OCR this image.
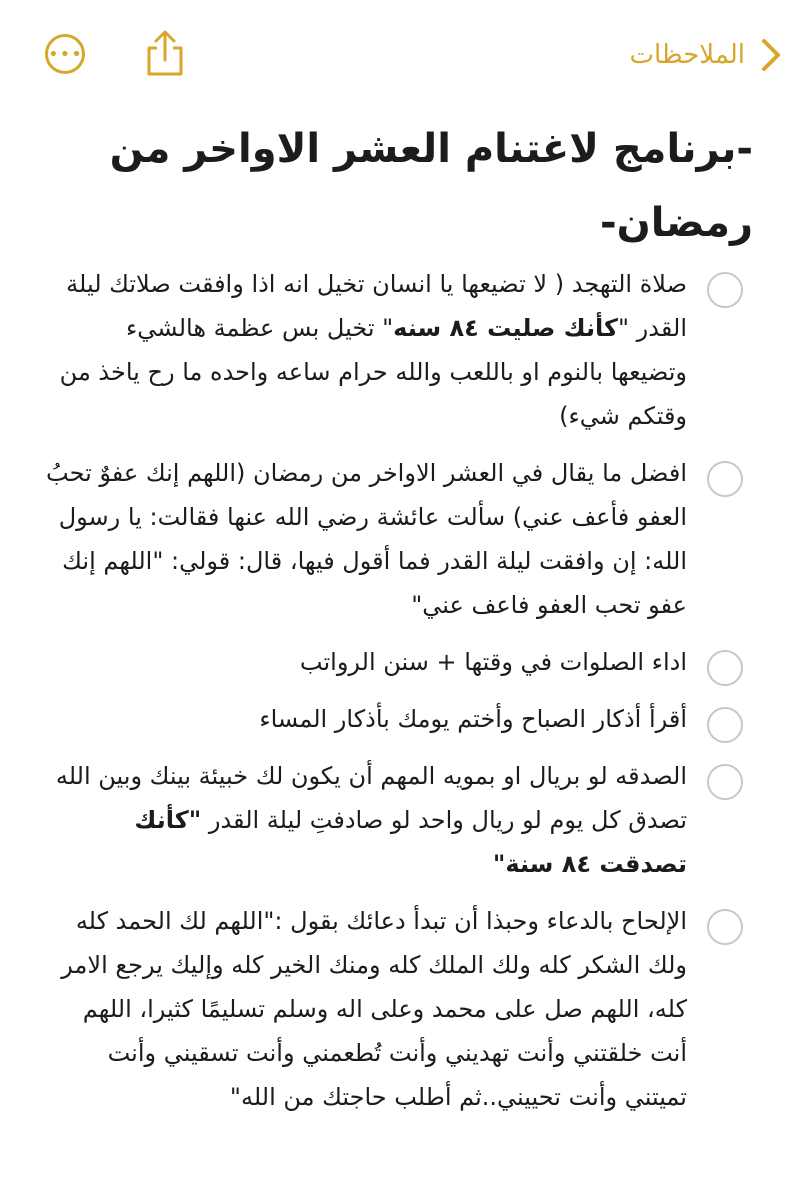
•••	الملاحظات
-برنامج لاغتنام العشر الاواخر من رمضان-
صلاة التهجد ( لا تضيعها يا انسان تخيل انه اذا وافقت صلاتك ليلة القدر "كأنك صليت ٨٤ سنه" تخيل بس عظمة هالشيء وتضيعها بالنوم او باللعب والله حرام ساعه واحده ما رح ياخذ من وقتكم شيء)
افضل ما يقال في العشر الاواخر من رمضان (اللهم إنك عفوٌ تحبُ العفو فأعف عني) سألت عائشة رضي الله عنها فقالت: يا رسول الله: إن وافقت ليلة القدر فما أقول فيها، قال: قولي: "اللهم إنك عفو تحب العفو فاعف عني"
اداء الصلوات في وقتها + سنن الرواتب
أقرأ أذكار الصباح وأختم يومك بأذكار المساء
الصدقه لو بريال او بمويه المهم أن يكون لك خبيئة بينك وبين الله تصدق كل يوم لو ريال واحد لو صادفتِ ليلة القدر "كأنك تصدقت ٨٤ سنة"
الإلحاح بالدعاء وحبذا أن تبدأ دعائك بقول :"اللهم لك الحمد كله ولك الشكر كله ولك الملك كله ومنك الخير كله وإليك يرجع الامر كله، اللهم صل على محمد وعلى اله وسلم تسليمًا كثيرا، اللهم أنت خلقتني وأنت تهديني وأنت تُطعمني وأنت تسقيني وأنت تميتني وأنت تحييني..ثم أطلب حاجتك من الله"
